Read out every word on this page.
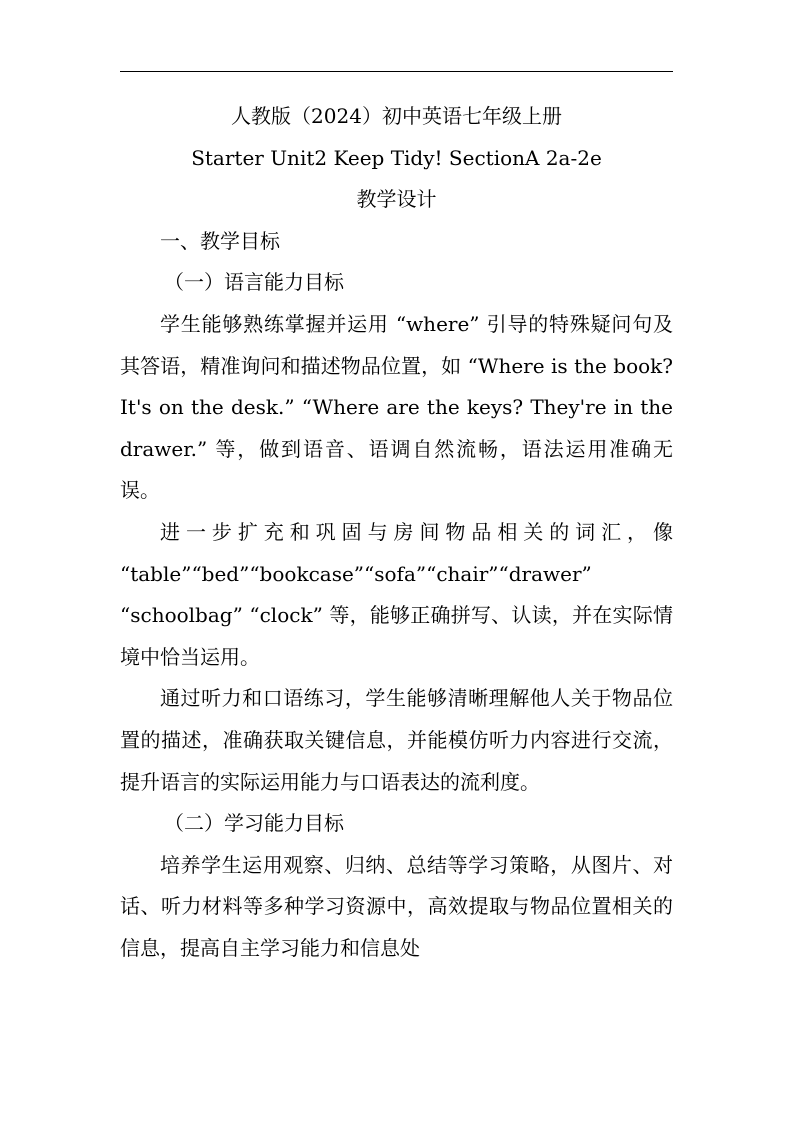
人教版（2024）初中英语七年级上册

Starter Unit2 Keep Tidy! SectionA 2a-2e

教学设计

一、教学目标

（一）语言能力目标

学生能够熟练掌握并运用 “where” 引导的特殊疑问句及其答语，精准询问和描述物品位置，如 “Where is the book? It's on the desk.” “Where are the keys? They're in the drawer.” 等，做到语音、语调自然流畅，语法运用准确无误。

进一步扩充和巩固与房间物品相关的词汇，像 “table”“bed”“bookcase”“sofa”“chair”“drawer” “schoolbag” “clock” 等，能够正确拼写、认读，并在实际情境中恰当运用。

通过听力和口语练习，学生能够清晰理解他人关于物品位置的描述，准确获取关键信息，并能模仿听力内容进行交流，提升语言的实际运用能力与口语表达的流利度。

（二）学习能力目标

培养学生运用观察、归纳、总结等学习策略，从图片、对话、听力材料等多种学习资源中，高效提取与物品位置相关的信息，提高自主学习能力和信息处
